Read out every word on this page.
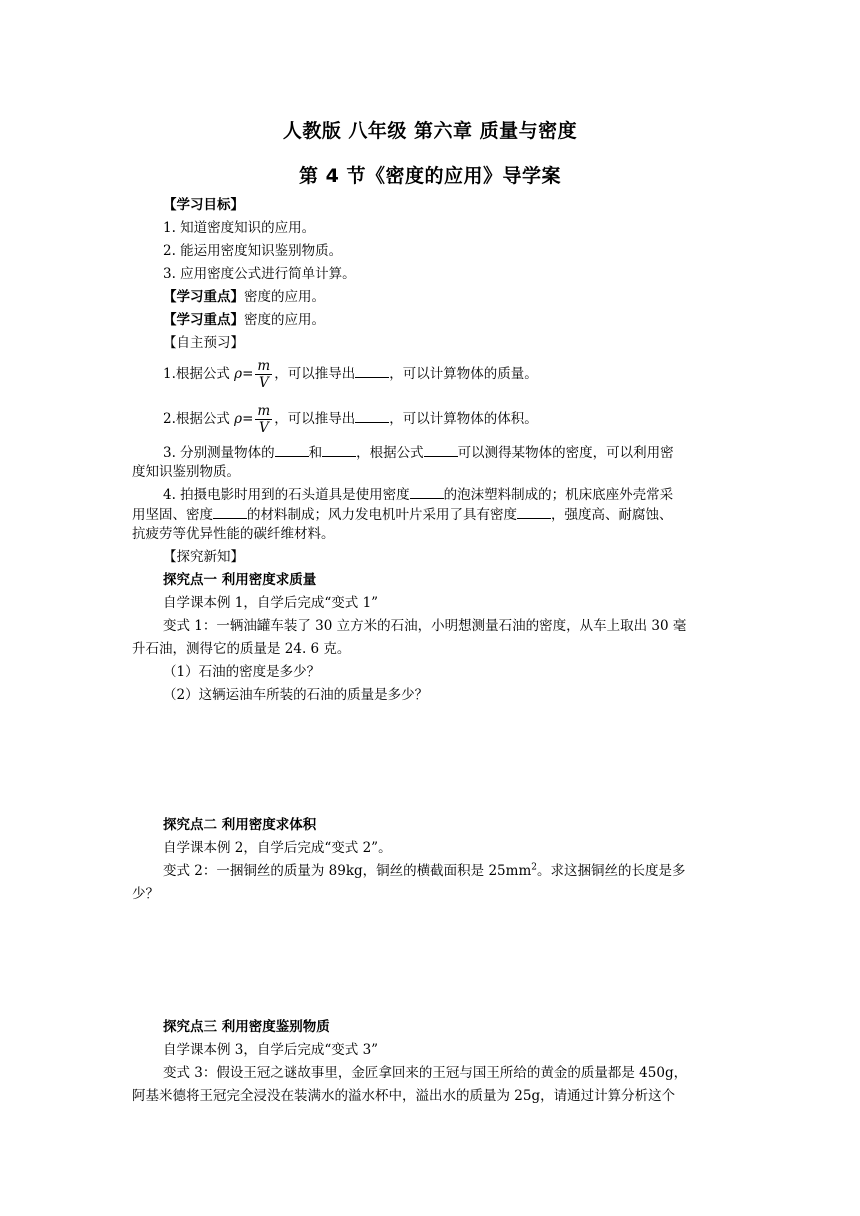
人教版 八年级 第六章 质量与密度
第 4 节《密度的应用》导学案
【学习目标】
1. 知道密度知识的应用。
2. 能运用密度知识鉴别物质。
3. 应用密度公式进行简单计算。
【学习重点】密度的应用。
【学习重点】密度的应用。
【自主预习】
1.根据公式 $\rho= \frac{m}{V}$ ，可以推导出	，可以计算物体的质量。
2.根据公式 $\rho= \frac{m}{V}$ ，可以推导出	，可以计算物体的体积。
3. 分别测量物体的	和	，根据公式	可以测得某物体的密度，可以利用密
度知识鉴别物质。
4. 拍摄电影时用到的石头道具是使用密度	的泡沫塑料制成的；机床底座外壳常采
用坚固、密度	的材料制成；风力发电机叶片采用了具有密度	，强度高、耐腐蚀、
抗疲劳等优异性能的碳纤维材料。
【探究新知】
探究点一 利用密度求质量
自学课本例 1，自学后完成“变式 1”
变式 1：一辆油罐车装了 30 立方米的石油，小明想测量石油的密度，从车上取出 30 毫
升石油，测得它的质量是 24. 6 克。
（1）石油的密度是多少？
（2）这辆运油车所装的石油的质量是多少？
探究点二 利用密度求体积
自学课本例 2，自学后完成“变式 2”。
变式 2：一捆铜丝的质量为 89kg，铜丝的横截面积是 $25mm^2$。求这捆铜丝的长度是多
少？
探究点三 利用密度鉴别物质
自学课本例 3，自学后完成“变式 3”
变式 3：假设王冠之谜故事里，金匠拿回来的王冠与国王所给的黄金的质量都是 450g，
阿基米德将王冠完全浸没在装满水的溢水杯中，溢出水的质量为 25g，请通过计算分析这个
